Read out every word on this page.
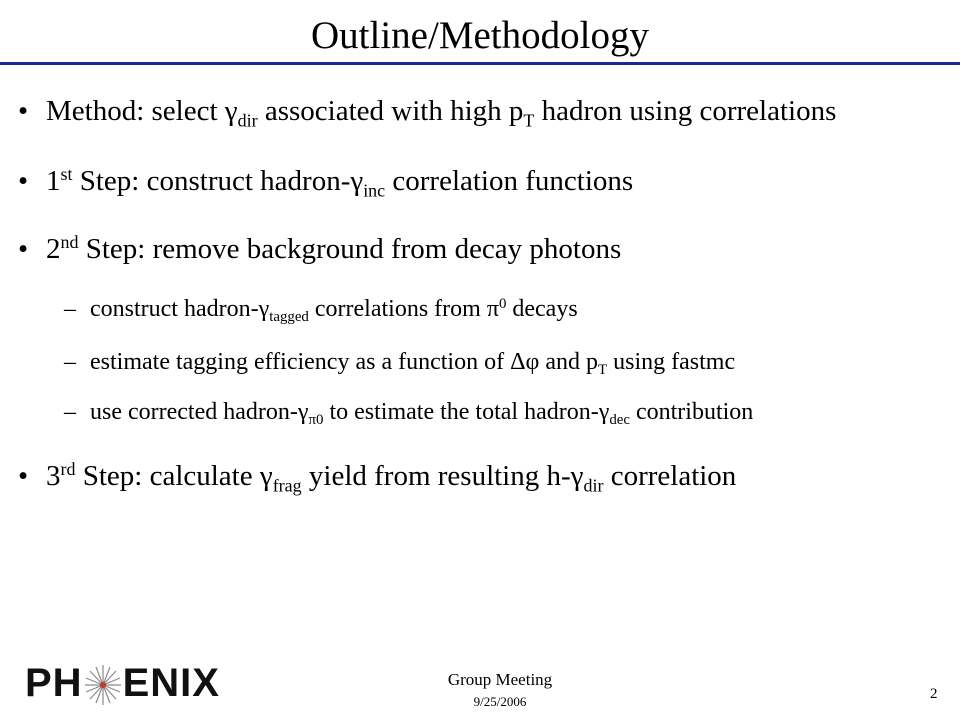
Outline/Methodology
• Method: select $\gamma_{dir}$ associated with high $p_T$ hadron using correlations
• 1st Step: construct hadron-$\gamma_{inc}$ correlation functions
• 2nd Step: remove background from decay photons
– construct hadron-$\gamma_{tagged}$ correlations from $\pi^0$ decays
– estimate tagging efficiency as a function of Δφ and $p_T$ using fastmc
– use corrected hadron-$\gamma_{\pi 0}$ to estimate the total hadron-$\gamma_{dec}$ contribution
• 3rd Step: calculate $\gamma_{frag}$ yield from resulting $h-\gamma_{dir}$ correlation
PH ENIX	Group Meeting
9/25/2006	2
